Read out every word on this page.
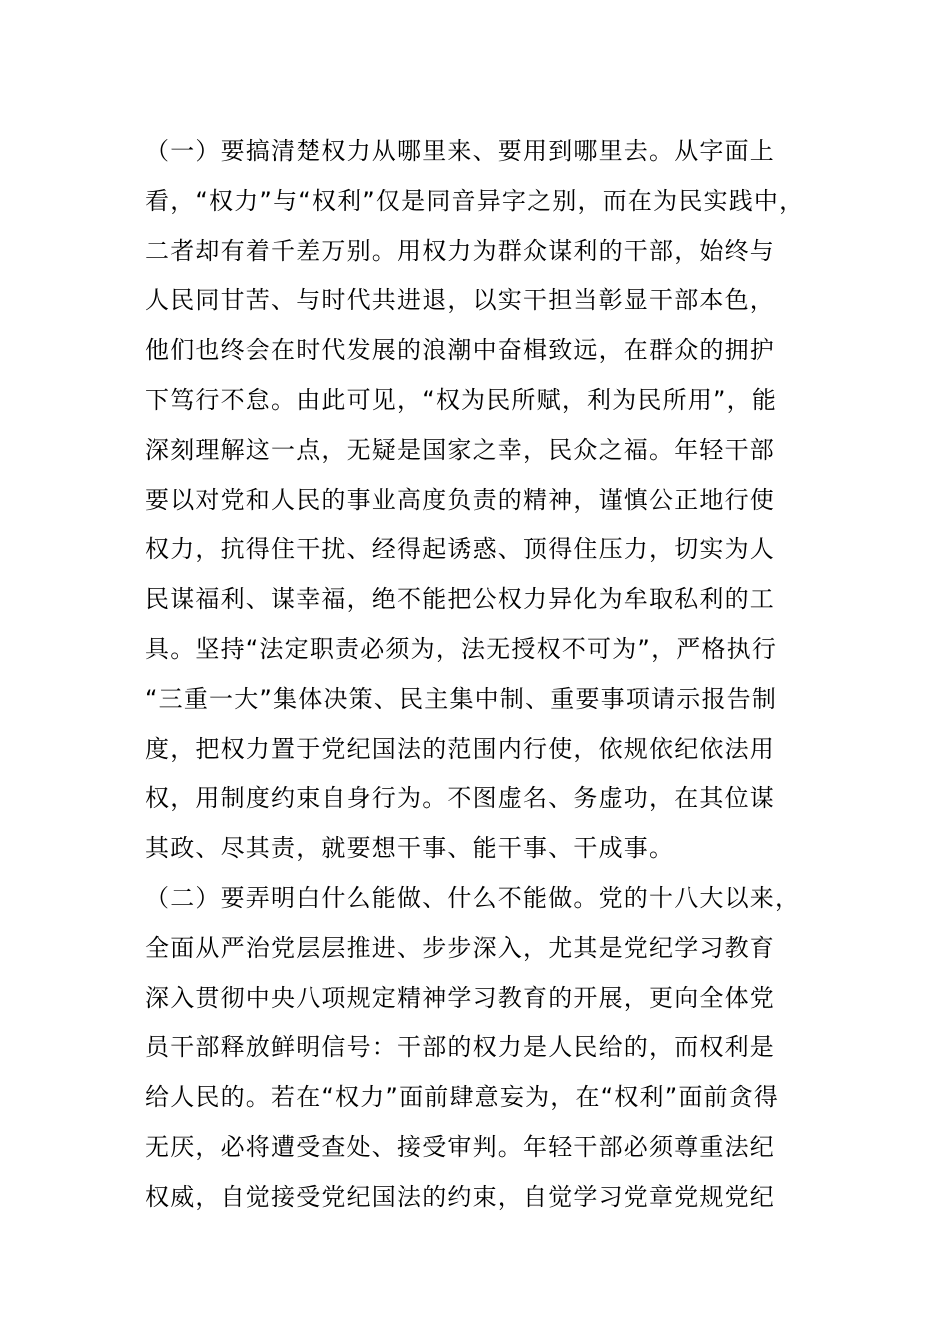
（一）要搞清楚权力从哪里来、要用到哪里去。从字面上
看，“权力”与“权利”仅是同音异字之别，而在为民实践中，
二者却有着千差万别。用权力为群众谋利的干部，始终与
人民同甘苦、与时代共进退，以实干担当彰显干部本色，
他们也终会在时代发展的浪潮中奋楫致远，在群众的拥护
下笃行不怠。由此可见，“权为民所赋，利为民所用”，能
深刻理解这一点，无疑是国家之幸，民众之福。年轻干部
要以对党和人民的事业高度负责的精神，谨慎公正地行使
权力，抗得住干扰、经得起诱惑、顶得住压力，切实为人
民谋福利、谋幸福，绝不能把公权力异化为牟取私利的工
具。坚持“法定职责必须为，法无授权不可为”，严格执行
“三重一大”集体决策、民主集中制、重要事项请示报告制
度，把权力置于党纪国法的范围内行使，依规依纪依法用
权，用制度约束自身行为。不图虚名、务虚功，在其位谋
其政、尽其责，就要想干事、能干事、干成事。
（二）要弄明白什么能做、什么不能做。党的十八大以来，
全面从严治党层层推进、步步深入，尤其是党纪学习教育
深入贯彻中央八项规定精神学习教育的开展，更向全体党
员干部释放鲜明信号：干部的权力是人民给的，而权利是
给人民的。若在“权力”面前肆意妄为，在“权利”面前贪得
无厌，必将遭受查处、接受审判。年轻干部必须尊重法纪
权威，自觉接受党纪国法的约束，自觉学习党章党规党纪
